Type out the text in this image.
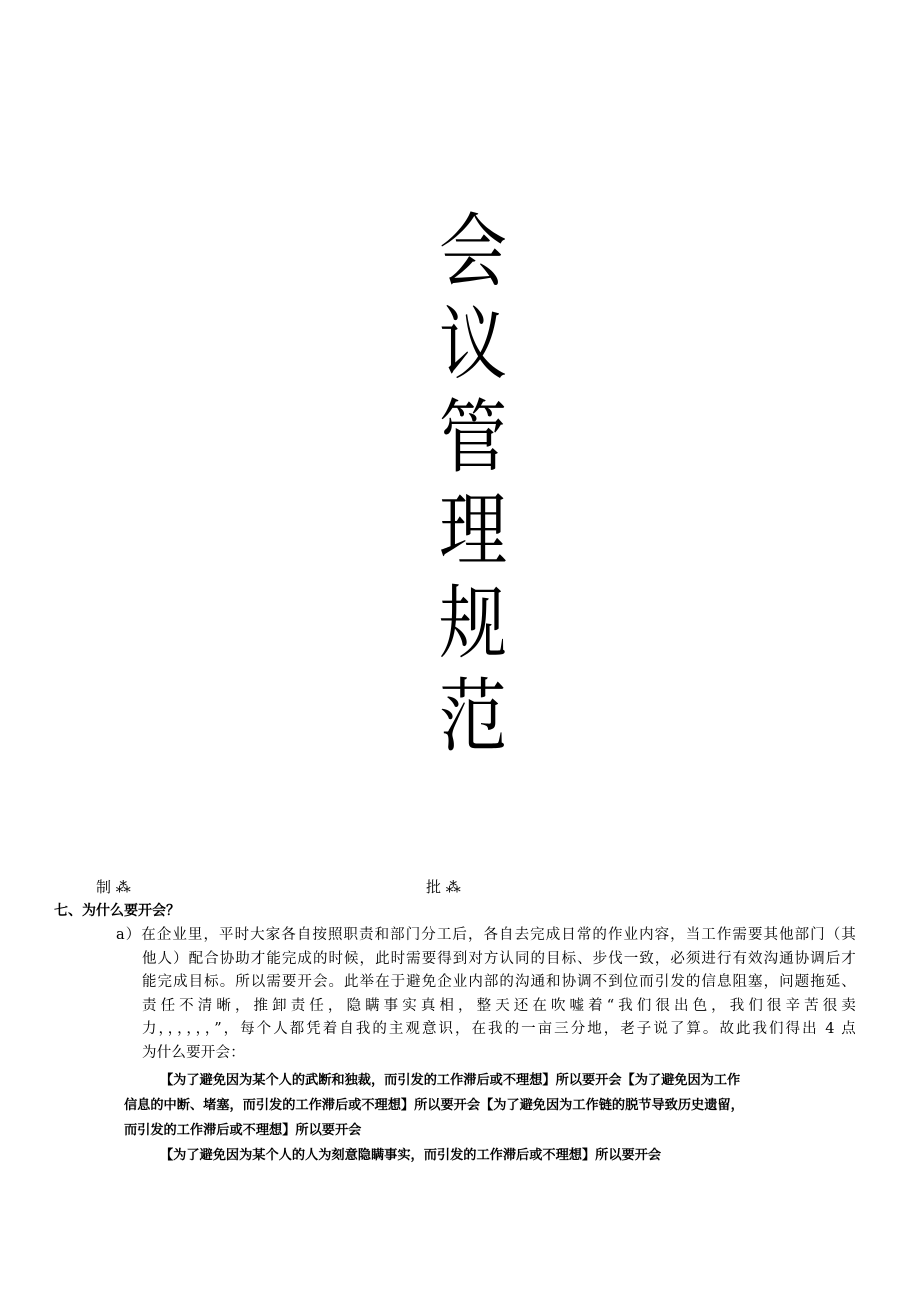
会
议
管
理
规
范
制 ⁂	批 ⁂
七、为什么要开会？
a）在企业里，平时大家各自按照职责和部门分工后，各自去完成日常的作业内容，当工作需要其他部门（其
他人）配合协助才能完成的时候，此时需要得到对方认同的目标、步伐一致，必须进行有效沟通协调后才
能完成目标。所以需要开会。此举在于避免企业内部的沟通和协调不到位而引发的信息阻塞，问题拖延、
责任不清晰，推卸责任，隐瞒事实真相，整天还在吹嘘着“我们很出色，我们很辛苦很卖
力，，，，，，”，每个人都凭着自我的主观意识，在我的一亩三分地，老子说了算。故此我们得出 4 点
为什么要开会：
【为了避免因为某个人的武断和独裁，而引发的工作滞后或不理想】所以要开会【为了避免因为工作
信息的中断、堵塞，而引发的工作滞后或不理想】所以要开会【为了避免因为工作链的脱节导致历史遗留，
而引发的工作滞后或不理想】所以要开会
【为了避免因为某个人的人为刻意隐瞒事实，而引发的工作滞后或不理想】所以要开会
